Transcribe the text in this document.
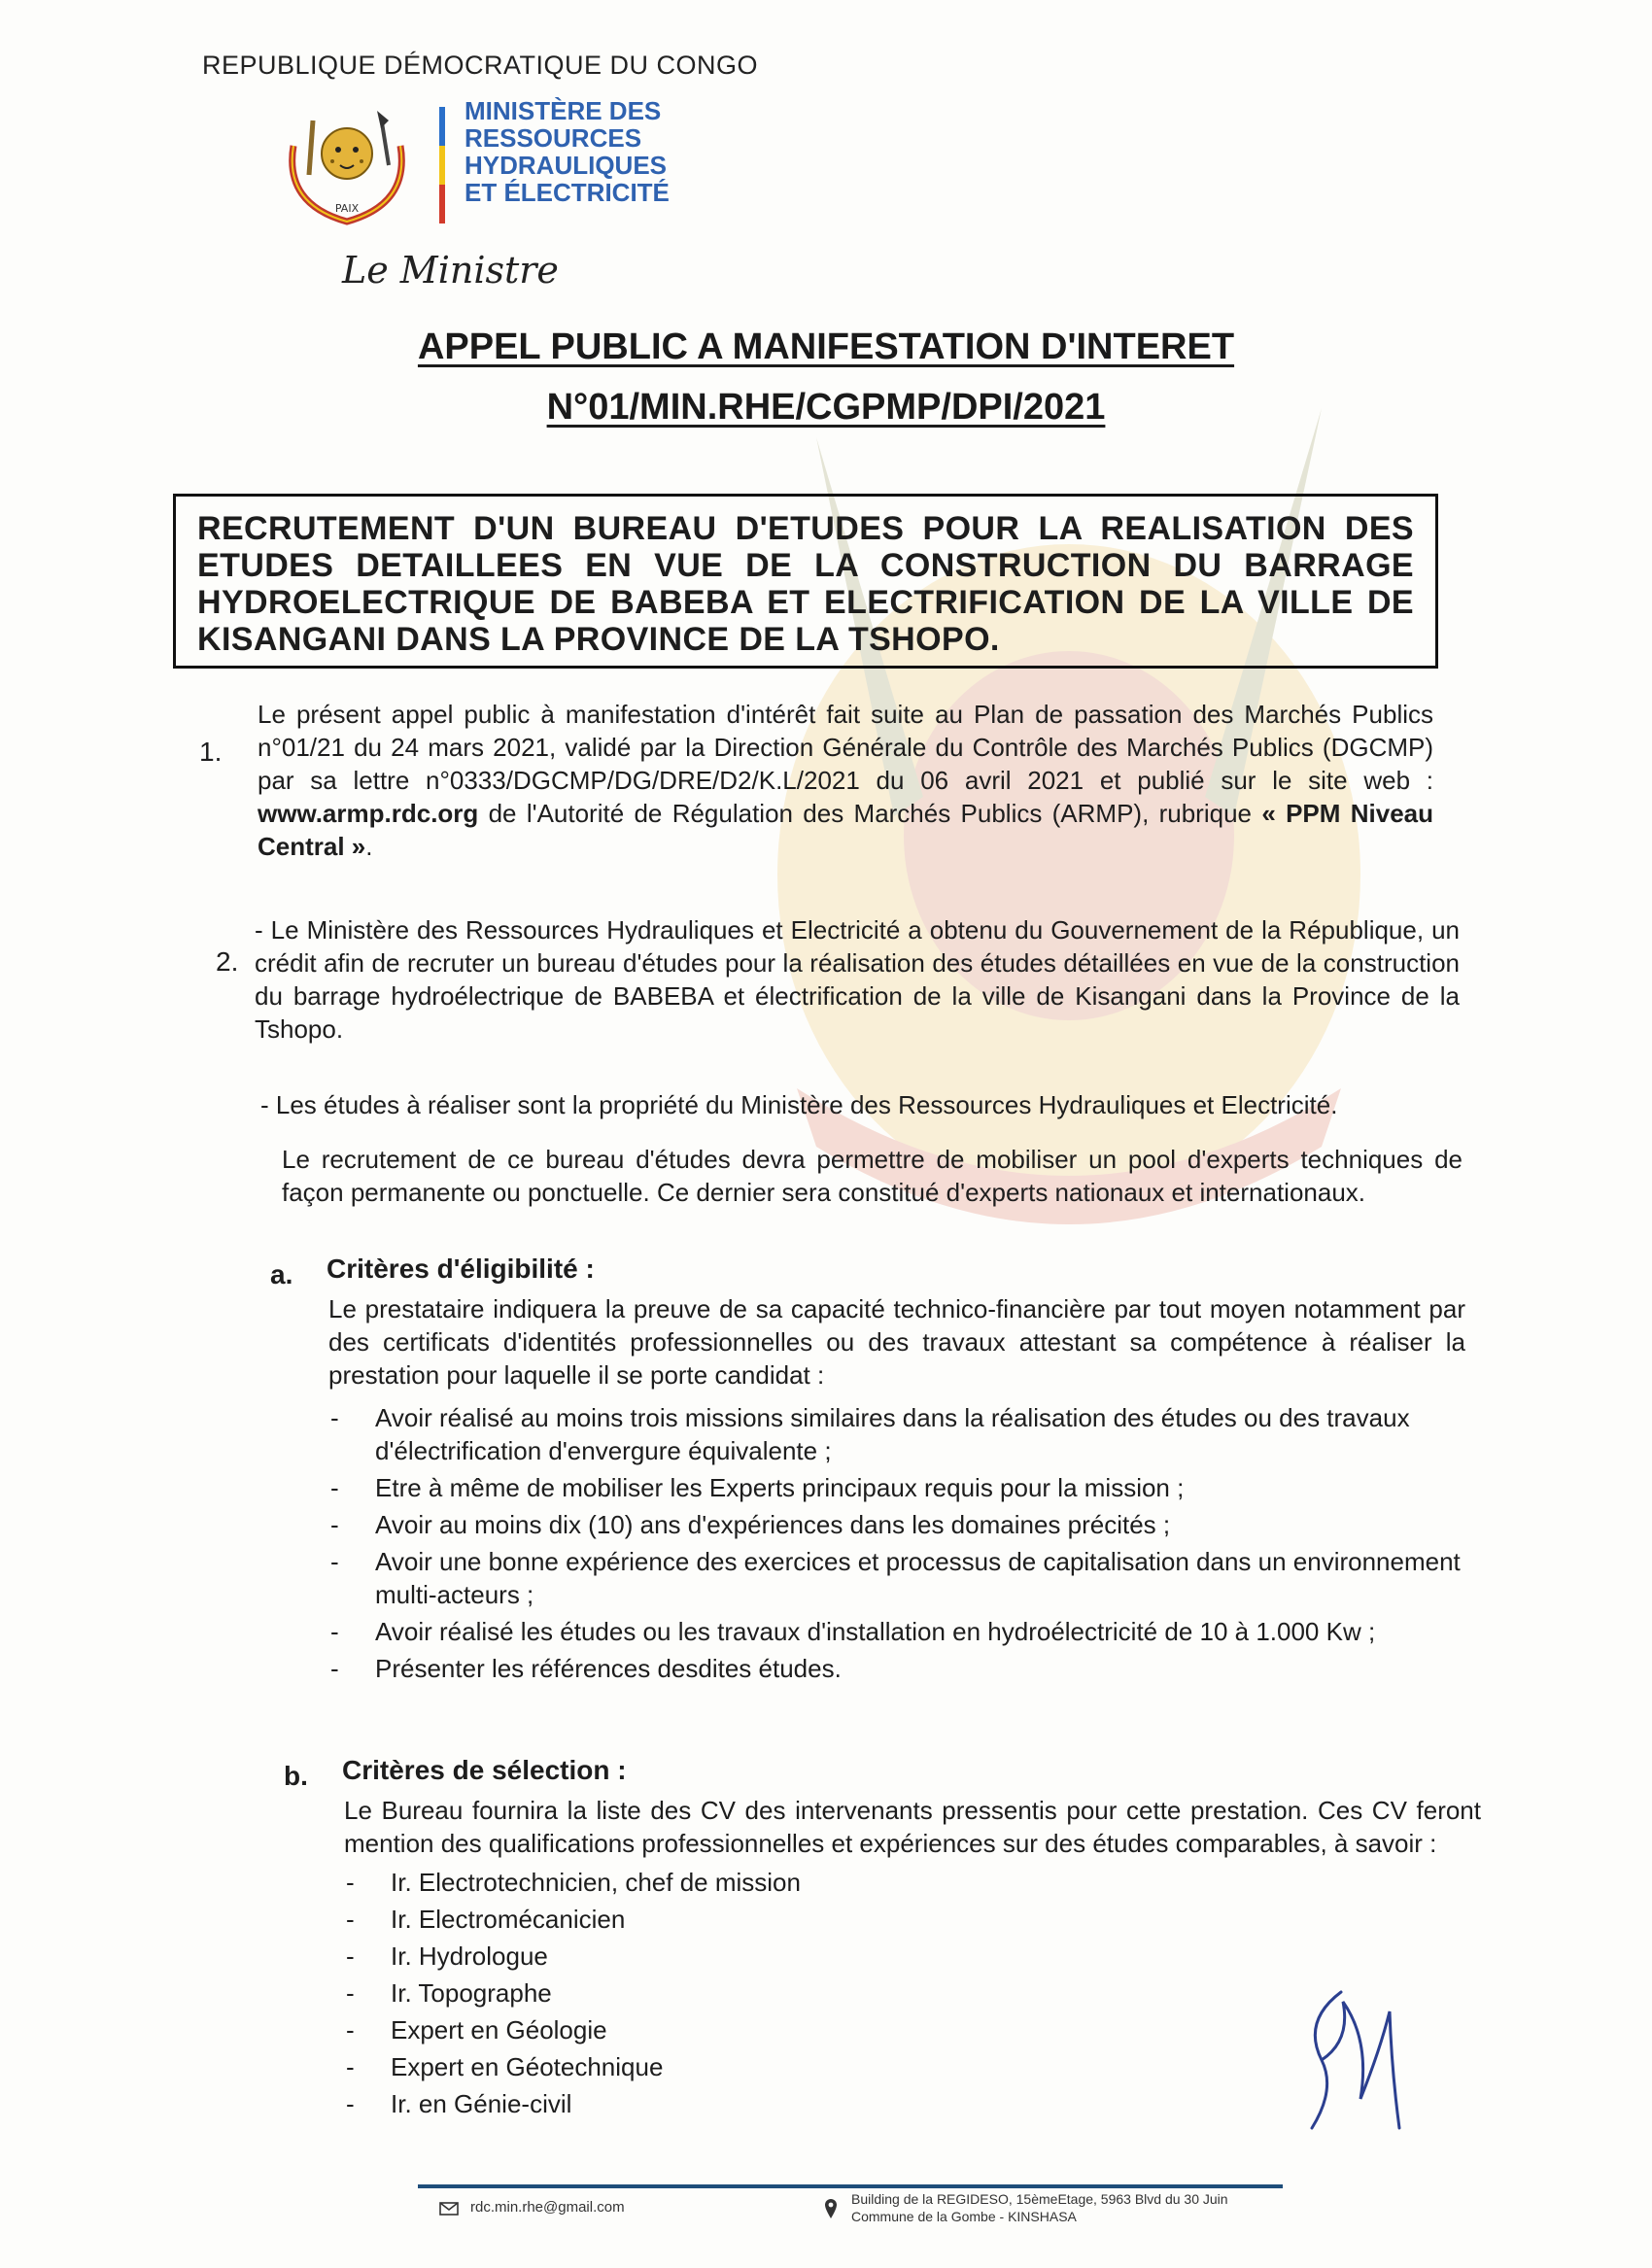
REPUBLIQUE DÉMOCRATIQUE DU CONGO
PAIX
MINISTÈRE DES
RESSOURCES
HYDRAULIQUES
ET ÉLECTRICITÉ
Le Ministre
APPEL PUBLIC A MANIFESTATION D'INTERET
N°01/MIN.RHE/CGPMP/DPI/2021
RECRUTEMENT D'UN BUREAU D'ETUDES POUR LA REALISATION DES ETUDES DETAILLEES EN VUE DE LA CONSTRUCTION DU BARRAGE HYDROELECTRIQUE DE BABEBA ET ELECTRIFICATION DE LA VILLE DE KISANGANI DANS LA PROVINCE DE LA TSHOPO.
1.
Le présent appel public à manifestation d'intérêt fait suite au Plan de passation des Marchés Publics n°01/21 du 24 mars 2021, validé par la Direction Générale du Contrôle des Marchés Publics (DGCMP) par sa lettre n°0333/DGCMP/DG/DRE/D2/K.L/2021 du 06 avril 2021 et publié sur le site web : www.armp.rdc.org de l'Autorité de Régulation des Marchés Publics (ARMP), rubrique « PPM Niveau Central ».
2.
- Le Ministère des Ressources Hydrauliques et Electricité a obtenu du Gouvernement de la République, un crédit afin de recruter un bureau d'études pour la réalisation des études détaillées en vue de la construction du barrage hydroélectrique de BABEBA et électrification de la ville de Kisangani dans la Province de la Tshopo.
- Les études à réaliser sont la propriété du Ministère des Ressources Hydrauliques et Electricité.
Le recrutement de ce bureau d'études devra permettre de mobiliser un pool d'experts techniques de façon permanente ou ponctuelle. Ce dernier sera constitué d'experts nationaux et internationaux.
a. Critères d'éligibilité :
Le prestataire indiquera la preuve de sa capacité technico-financière par tout moyen notamment par des certificats d'identités professionnelles ou des travaux attestant sa compétence à réaliser la prestation pour laquelle il se porte candidat :
- Avoir réalisé au moins trois missions similaires dans la réalisation des études ou des travaux d'électrification d'envergure équivalente ;
- Etre à même de mobiliser les Experts principaux requis pour la mission ;
- Avoir au moins dix (10) ans d'expériences dans les domaines précités ;
- Avoir une bonne expérience des exercices et processus de capitalisation dans un environnement multi-acteurs ;
- Avoir réalisé les études ou les travaux d'installation en hydroélectricité de 10 à 1.000 Kw ;
- Présenter les références desdites études.
b. Critères de sélection :
Le Bureau fournira la liste des CV des intervenants pressentis pour cette prestation. Ces CV feront mention des qualifications professionnelles et expériences sur des études comparables, à savoir :
- Ir. Electrotechnicien, chef de mission
- Ir. Electromécanicien
- Ir. Hydrologue
- Ir. Topographe
- Expert en Géologie
- Expert en Géotechnique
- Ir. en Génie-civil
rdc.min.rhe@gmail.com	Building de la REGIDESO, 15èmeEtage, 5963 Blvd du 30 Juin
Commune de la Gombe - KINSHASA
